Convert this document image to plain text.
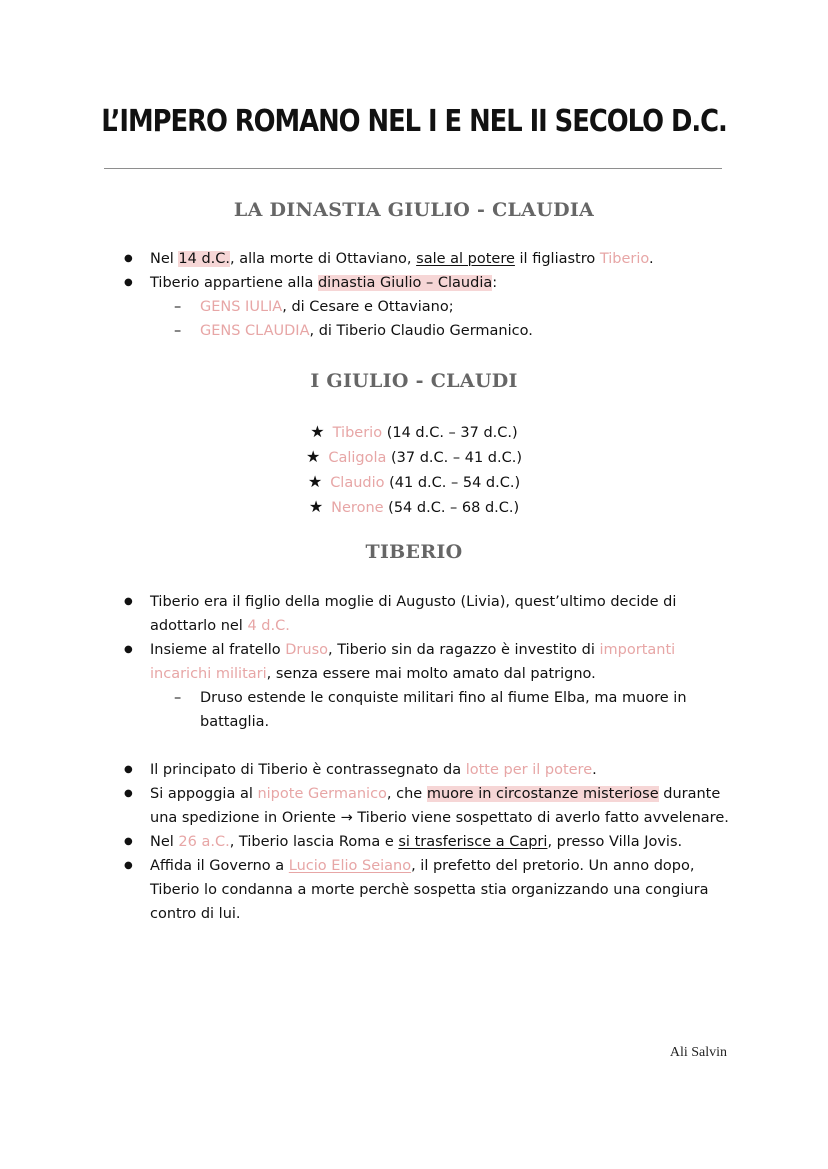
L’IMPERO ROMANO NEL I E NEL II SECOLO D.C.
LA DINASTIA GIULIO - CLAUDIA
● Nel 14 d.C., alla morte di Ottaviano, sale al potere il figliastro Tiberio.
● Tiberio appartiene alla dinastia Giulio – Claudia:
– GENS IULIA, di Cesare e Ottaviano;
– GENS CLAUDIA, di Tiberio Claudio Germanico.
I GIULIO - CLAUDI
★ Tiberio (14 d.C. – 37 d.C.)
★ Caligola (37 d.C. – 41 d.C.)
★ Claudio (41 d.C. – 54 d.C.)
★ Nerone (54 d.C. – 68 d.C.)
TIBERIO
● Tiberio era il figlio della moglie di Augusto (Livia), quest’ultimo decide di adottarlo nel 4 d.C.
● Insieme al fratello Druso, Tiberio sin da ragazzo è investito di importanti incarichi militari, senza essere mai molto amato dal patrigno.
– Druso estende le conquiste militari fino al fiume Elba, ma muore in battaglia.
● Il principato di Tiberio è contrassegnato da lotte per il potere.
● Si appoggia al nipote Germanico, che muore in circostanze misteriose durante una spedizione in Oriente → Tiberio viene sospettato di averlo fatto avvelenare.
● Nel 26 a.C., Tiberio lascia Roma e si trasferisce a Capri, presso Villa Jovis.
● Affida il Governo a Lucio Elio Seiano, il prefetto del pretorio. Un anno dopo, Tiberio lo condanna a morte perchè sospetta stia organizzando una congiura contro di lui.
Ali Salvin
